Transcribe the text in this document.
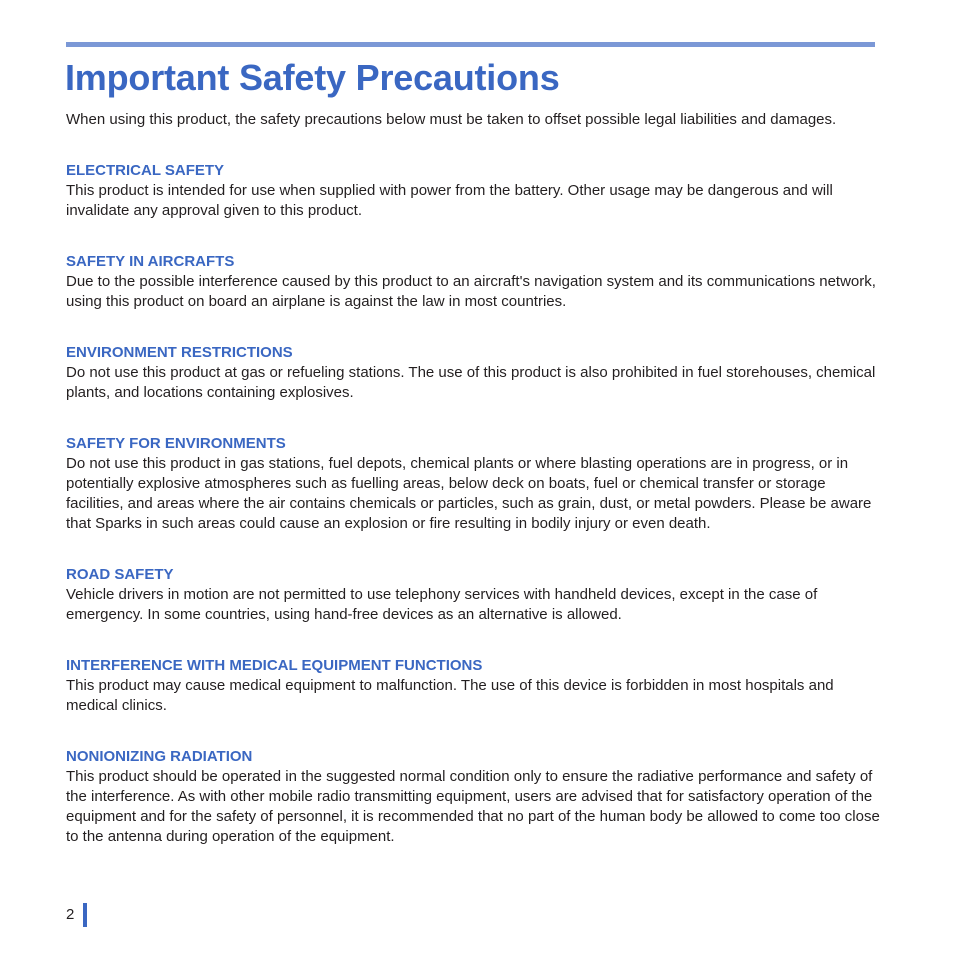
Important Safety Precautions

When using this product, the safety precautions below must be taken to offset possible legal liabilities and damages.

ELECTRICAL SAFETY

This product is intended for use when supplied with power from the battery. Other usage may be dangerous and will invalidate any approval given to this product.

SAFETY IN AIRCRAFTS

Due to the possible interference caused by this product to an aircraft's navigation system and its communications network, using this product on board an airplane is against the law in most countries.

ENVIRONMENT RESTRICTIONS

Do not use this product at gas or refueling stations. The use of this product is also prohibited in fuel storehouses, chemical plants, and locations containing explosives.

SAFETY FOR ENVIRONMENTS

Do not use this product in gas stations, fuel depots, chemical plants or where blasting operations are in progress, or in potentially explosive atmospheres such as fuelling areas, below deck on boats, fuel or chemical transfer or storage facilities, and areas where the air contains chemicals or particles, such as grain, dust, or metal powders. Please be aware that Sparks in such areas could cause an explosion or fire resulting in bodily injury or even death.

ROAD SAFETY

Vehicle drivers in motion are not permitted to use telephony services with handheld devices, except in the case of emergency. In some countries, using hand-free devices as an alternative is allowed.

INTERFERENCE WITH MEDICAL EQUIPMENT FUNCTIONS

This product may cause medical equipment to malfunction. The use of this device is forbidden in most hospitals and medical clinics.

NONIONIZING RADIATION

This product should be operated in the suggested normal condition only to ensure the radiative performance and safety of the interference. As with other mobile radio transmitting equipment, users are advised that for satisfactory operation of the equipment and for the safety of personnel, it is recommended that no part of the human body be allowed to come too close to the antenna during operation of the equipment.

2
